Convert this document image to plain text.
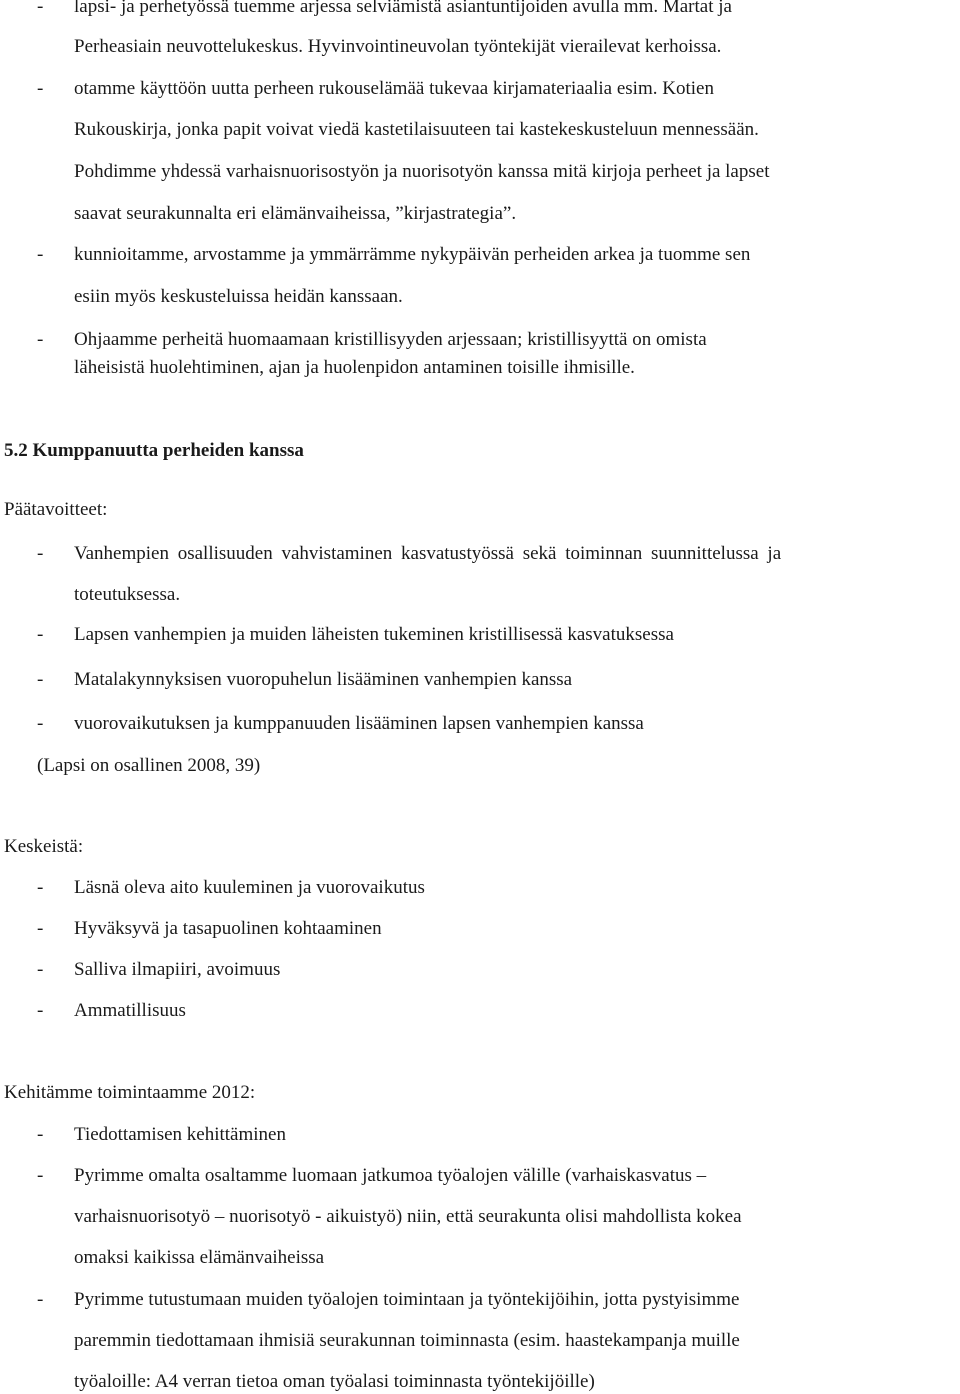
- lapsi- ja perhetyössä tuemme arjessa selviämistä asiantuntijoiden avulla mm. Martat ja
Perheasiain neuvottelukeskus. Hyvinvointineuvolan työntekijät vierailevat kerhoissa.
- otamme käyttöön uutta perheen rukouselämää tukevaa kirjamateriaalia esim. Kotien
Rukouskirja, jonka papit voivat viedä kastetilaisuuteen tai kastekeskusteluun mennessään.
Pohdimme yhdessä varhaisnuorisostyön ja nuorisotyön kanssa mitä kirjoja perheet ja lapset
saavat seurakunnalta eri elämänvaiheissa, ”kirjastrategia”.
- kunnioitamme, arvostamme ja ymmärrämme nykypäivän perheiden arkea ja tuomme sen
esiin myös keskusteluissa heidän kanssaan.
- Ohjaamme perheitä huomaamaan kristillisyyden arjessaan; kristillisyyttä on omista
läheisistä huolehtiminen, ajan ja huolenpidon antaminen toisille ihmisille.
5.2 Kumppanuutta perheiden kanssa
Päätavoitteet:
- Vanhempien osallisuuden vahvistaminen kasvatustyössä sekä toiminnan suunnittelussa ja
toteutuksessa.
- Lapsen vanhempien ja muiden läheisten tukeminen kristillisessä kasvatuksessa
- Matalakynnyksisen vuoropuhelun lisääminen vanhempien kanssa
- vuorovaikutuksen ja kumppanuuden lisääminen lapsen vanhempien kanssa
(Lapsi on osallinen 2008, 39)
Keskeistä:
- Läsnä oleva aito kuuleminen ja vuorovaikutus
- Hyväksyvä ja tasapuolinen kohtaaminen
- Salliva ilmapiiri, avoimuus
- Ammatillisuus
Kehitämme toimintaamme 2012:
- Tiedottamisen kehittäminen
- Pyrimme omalta osaltamme luomaan jatkumoa työalojen välille (varhaiskasvatus –
varhaisnuorisotyö – nuorisotyö - aikuistyö) niin, että seurakunta olisi mahdollista kokea
omaksi kaikissa elämänvaiheissa
- Pyrimme tutustumaan muiden työalojen toimintaan ja työntekijöihin, jotta pystyisimme
paremmin tiedottamaan ihmisiä seurakunnan toiminnasta (esim. haastekampanja muille
työaloille: A4 verran tietoa oman työalasi toiminnasta työntekijöille)
